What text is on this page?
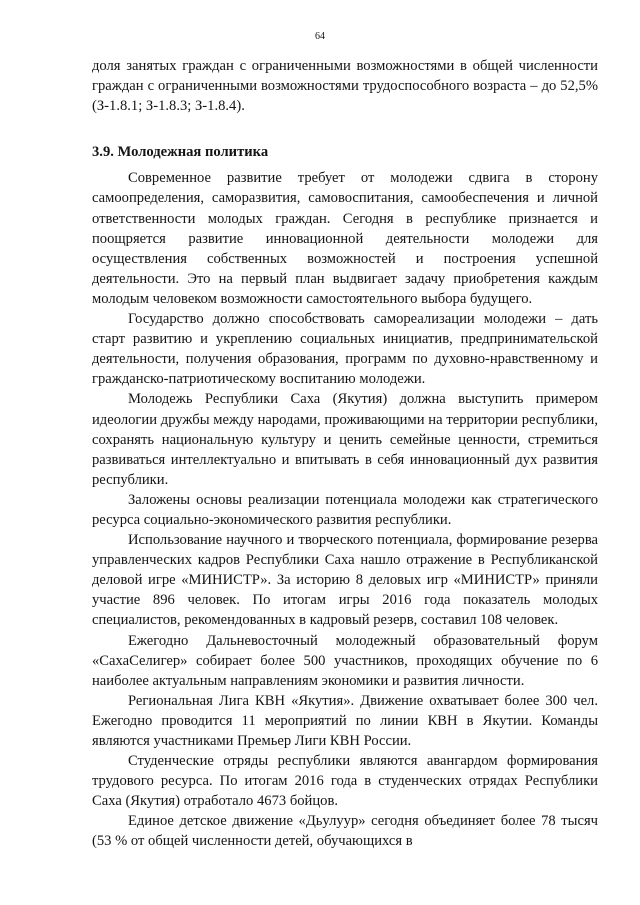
64

доля занятых граждан с ограниченными возможностями в общей численности граждан с ограниченными возможностями трудоспособного возраста – до 52,5% (З-1.8.1; З-1.8.3; З-1.8.4).

3.9. Молодежная политика

Современное развитие требует от молодежи сдвига в сторону самоопределения, саморазвития, самовоспитания, самообеспечения и личной ответственности молодых граждан. Сегодня в республике признается и поощряется развитие инновационной деятельности молодежи для осуществления собственных возможностей и построения успешной деятельности. Это на первый план выдвигает задачу приобретения каждым молодым человеком возможности самостоятельного выбора будущего.

Государство должно способствовать самореализации молодежи – дать старт развитию и укреплению социальных инициатив, предпринимательской деятельности, получения образования, программ по духовно-нравственному и гражданско-патриотическому воспитанию молодежи.

Молодежь Республики Саха (Якутия) должна выступить примером идеологии дружбы между народами, проживающими на территории республики, сохранять национальную культуру и ценить семейные ценности, стремиться развиваться интеллектуально и впитывать в себя инновационный дух развития республики.

Заложены основы реализации потенциала молодежи как стратегического ресурса социально-экономического развития республики.

Использование научного и творческого потенциала, формирование резерва управленческих кадров Республики Саха нашло отражение в Республиканской деловой игре «МИНИСТР». За историю 8 деловых игр «МИНИСТР» приняли участие 896 человек. По итогам игры 2016 года показатель молодых специалистов, рекомендованных в кадровый резерв, составил 108 человек.

Ежегодно Дальневосточный молодежный образовательный форум «СахаСелигер» собирает более 500 участников, проходящих обучение по 6 наиболее актуальным направлениям экономики и развития личности.

Региональная Лига КВН «Якутия». Движение охватывает более 300 чел. Ежегодно проводится 11 мероприятий по линии КВН в Якутии. Команды являются участниками Премьер Лиги КВН России.

Студенческие отряды республики являются авангардом формирования трудового ресурса. По итогам 2016 года в студенческих отрядах Республики Саха (Якутия) отработало 4673 бойцов.

Единое детское движение «Дьулуур» сегодня объединяет более 78 тысяч (53 % от общей численности детей, обучающихся в
